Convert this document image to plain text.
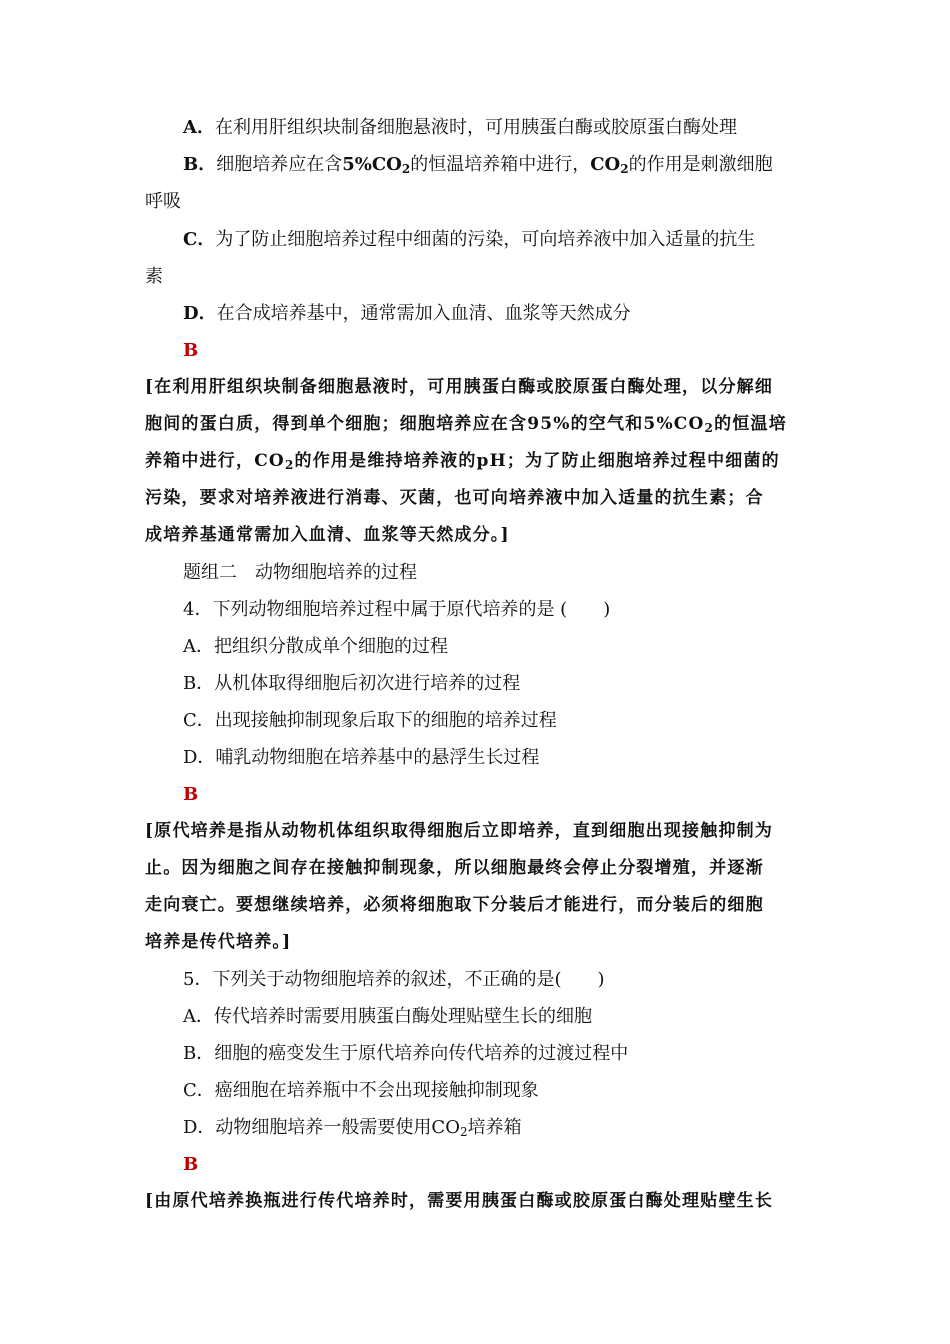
A．在利用肝组织块制备细胞悬液时，可用胰蛋白酶或胶原蛋白酶处理
B．细胞培养应在含$5\%CO_2$的恒温培养箱中进行，$CO_2$的作用是刺激细胞
呼吸
C．为了防止细胞培养过程中细菌的污染，可向培养液中加入适量的抗生
素
D．在合成培养基中，通常需加入血清、血浆等天然成分
B
[在利用肝组织块制备细胞悬液时，可用胰蛋白酶或胶原蛋白酶处理，以分解细
胞间的蛋白质，得到单个细胞；细胞培养应在含95%的空气和$5\%CO_2$的恒温培
养箱中进行，$CO_2$的作用是维持培养液的pH；为了防止细胞培养过程中细菌的
污染，要求对培养液进行消毒、灭菌，也可向培养液中加入适量的抗生素；合
成培养基通常需加入血清、血浆等天然成分。]
题组二　动物细胞培养的过程
4．下列动物细胞培养过程中属于原代培养的是 (　　)
A．把组织分散成单个细胞的过程
B．从机体取得细胞后初次进行培养的过程
C．出现接触抑制现象后取下的细胞的培养过程
D．哺乳动物细胞在培养基中的悬浮生长过程
B
[原代培养是指从动物机体组织取得细胞后立即培养，直到细胞出现接触抑制为
止。因为细胞之间存在接触抑制现象，所以细胞最终会停止分裂增殖，并逐渐
走向衰亡。要想继续培养，必须将细胞取下分装后才能进行，而分装后的细胞
培养是传代培养。]
5．下列关于动物细胞培养的叙述，不正确的是(　　)
A．传代培养时需要用胰蛋白酶处理贴壁生长的细胞
B．细胞的癌变发生于原代培养向传代培养的过渡过程中
C．癌细胞在培养瓶中不会出现接触抑制现象
D．动物细胞培养一般需要使用$CO_2$培养箱
B
[由原代培养换瓶进行传代培养时，需要用胰蛋白酶或胶原蛋白酶处理贴壁生长
